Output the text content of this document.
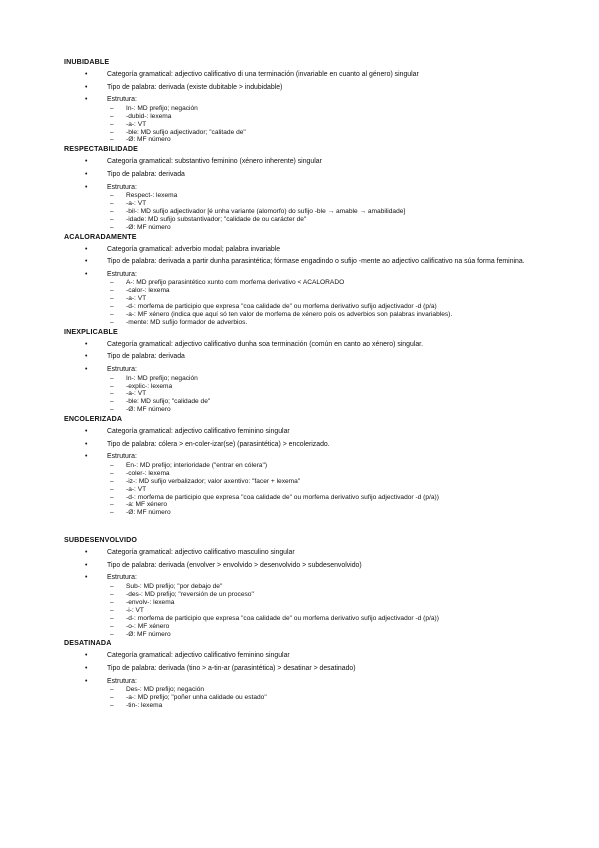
INUBIDABLE
•	Categoría gramatical: adjectivo calificativo di una terminación (invariable en cuanto al género) singular
•	Tipo de palabra: derivada (existe dubitable > indubidable)
•	Estrutura:
– In-: MD prefijo; negación
– -dubid-: lexema
– -a-: VT
– -ble: MD sufijo adjectivador; "calitade de"
– -Ø: MF número
RESPECTABILIDADE
•	Categoría gramatical: substantivo feminino (xénero inherente) singular
•	Tipo de palabra: derivada
•	Estrutura:
– Respect-: lexema
– -a-: VT
– -bil-: MD sufijo adjectivador [é unha variante (alomorfo) do sufijo -ble → amable → amabilidade]
– -idade: MD sufijo substantivador; "calidade de ou carácter de"
– -Ø: MF número
ACALORADAMENTE
•	Categoría gramatical: adverbio modal; palabra invariable
•	Tipo de palabra: derivada a partir dunha parasintética; fórmase engadindo o sufijo -mente ao adjectivo calificativo na súa forma feminina.
•	Estrutura:
– A-: MD prefijo parasintético xunto com morfema derivativo < ACALORADO
– -calor-: lexema
– -a-: VT
– -d-: morfema de participio que expresa "coa calidade de" ou morfema derivativo sufijo adjectivador -d (p/a)
– -a-: MF xénero (indica que aquí só ten valor de morfema de xénero pois os adverbios son palabras invariables).
– -mente: MD sufijo formador de adverbios.
INEXPLICABLE
•	Categoría gramatical: adjectivo calificativo dunha soa terminación (común en canto ao xénero) singular.
•	Tipo de palabra: derivada
•	Estrutura:
– In-: MD prefijo; negación
– -explic-: lexema
– -a-: VT
– -ble: MD sufijo; "calidade de"
– -Ø: MF número
ENCOLERIZADA
•	Categoría gramatical: adjectivo calificativo feminino singular
•	Tipo de palabra: cólera > en-coler-izar(se) (parasintética) > encolerizado.
•	Estrutura:
– En-: MD prefijo; interioridade ("entrar en cólera")
– -coler-: lexema
– -iz-: MD sufijo verbalizador; valor axentivo: "facer + lexema"
– -a-: VT
– -d-: morfema de participio que expresa "coa calidade de" ou morfema derivativo sufijo adjectivador -d (p/a))
– -a: MF xénero
– -Ø: MF número
SUBDESENVOLVIDO
•	Categoría gramatical: adjectivo calificativo masculino singular
•	Tipo de palabra: derivada (envolver > envolvido > desenvolvido > subdesenvolvido)
•	Estrutura:
– Sub-: MD prefijo; "por debajo de"
– -des-: MD prefijo; "reversión de un proceso"
– -envolv-: lexema
– -i-: VT
– -d-: morfema de participio que expresa "coa calidade de" ou morfema derivativo sufijo adjectivador -d (p/a))
– -o-: MF xénero
– -Ø: MF número
DESATINADA
•	Categoría gramatical: adjectivo calificativo feminino singular
•	Tipo de palabra: derivada (tino > a-tin-ar (parasintética) > desatinar > desatinado)
•	Estrutura:
– Des-: MD prefijo; negación
– -a-: MD prefijo; "poñer unha calidade ou estado"
– -tin-: lexema
